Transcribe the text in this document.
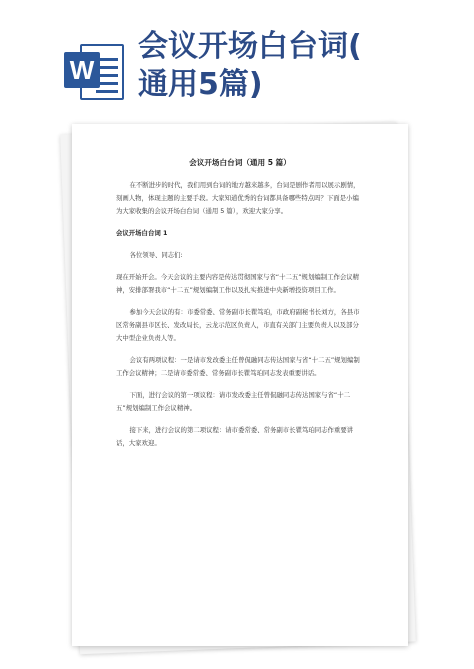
W
会议开场白台词(
通用5篇)
会议开场白台词（通用 5 篇）

在不断进步的时代，我们用到台词的地方越来越多，台词是剧作者用以展示剧情，刻画人物，体现主题的主要手段。大家知道优秀的台词都具备哪些特点吗？下面是小编为大家收集的会议开场白台词（通用 5 篇），欢迎大家分享。

会议开场白台词 1

各位领导、同志们:

现在开始开会。今天会议的主要内容是传达贯彻国家与省“十二五”规划编制工作会议精神，安排部署我市“十二五”规划编制工作以及扎实推进中央新增投资项目工作。

参加今天会议的有：市委常委、常务副市长瞿笃珀，市政府副秘书长刘方，各县市区常务副县市区长、发改局长，云龙示范区负责人，市直有关部门主要负责人以及部分大中型企业负责人等。

会议有两项议程：一是请市发改委主任曾侃融同志传达国家与省“十二五”规划编制工作会议精神；二是请市委常委、常务副市长瞿笃珀同志发表重要讲话。

下面，进行会议的第一项议程：请市发改委主任曾侃融同志传达国家与省“十二五”规划编制工作会议精神。

接下来，进行会议的第二项议程：请市委常委、常务副市长瞿笃珀同志作重要讲话，大家欢迎。
